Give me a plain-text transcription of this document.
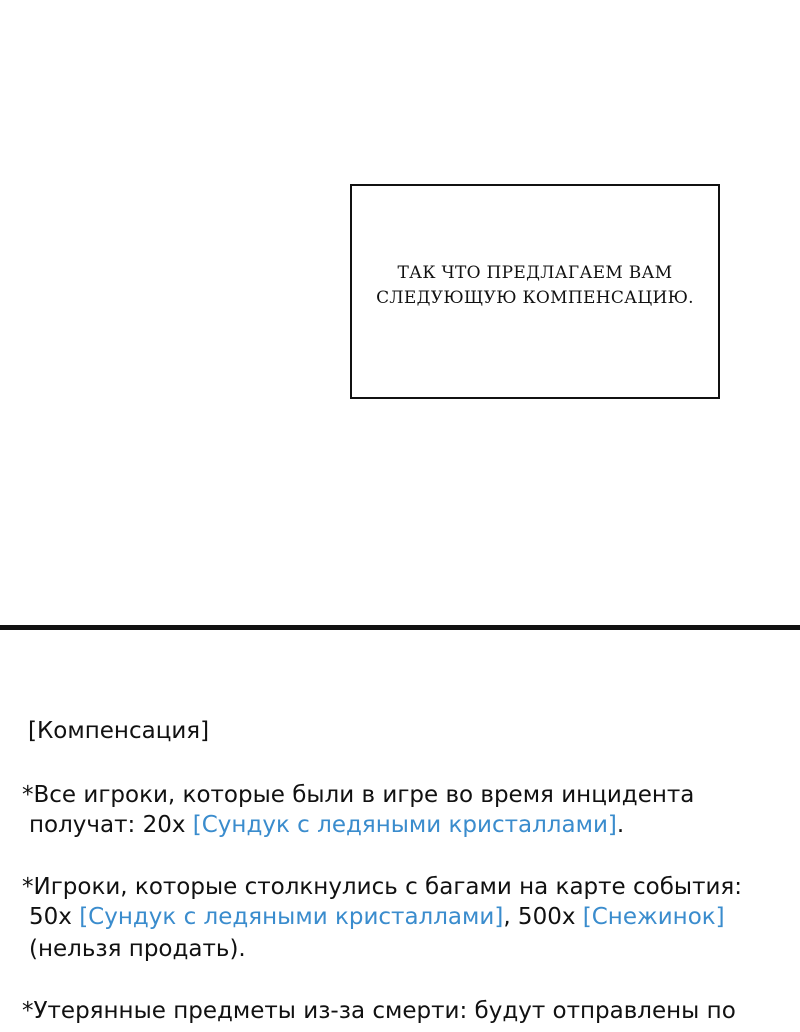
ТАК ЧТО ПРЕДЛАГАЕМ ВАМ
СЛЕДУЮЩУЮ КОМПЕНСАЦИЮ.
[Компенсация]
*Все игроки, которые были в игре во время инцидента
получат: 20x [Сундук с ледяными кристаллами].
*Игроки, которые столкнулись с багами на карте события:
50x [Сундук с ледяными кристаллами], 500x [Снежинок]
(нельзя продать).
*Утерянные предметы из-за смерти: будут отправлены по
